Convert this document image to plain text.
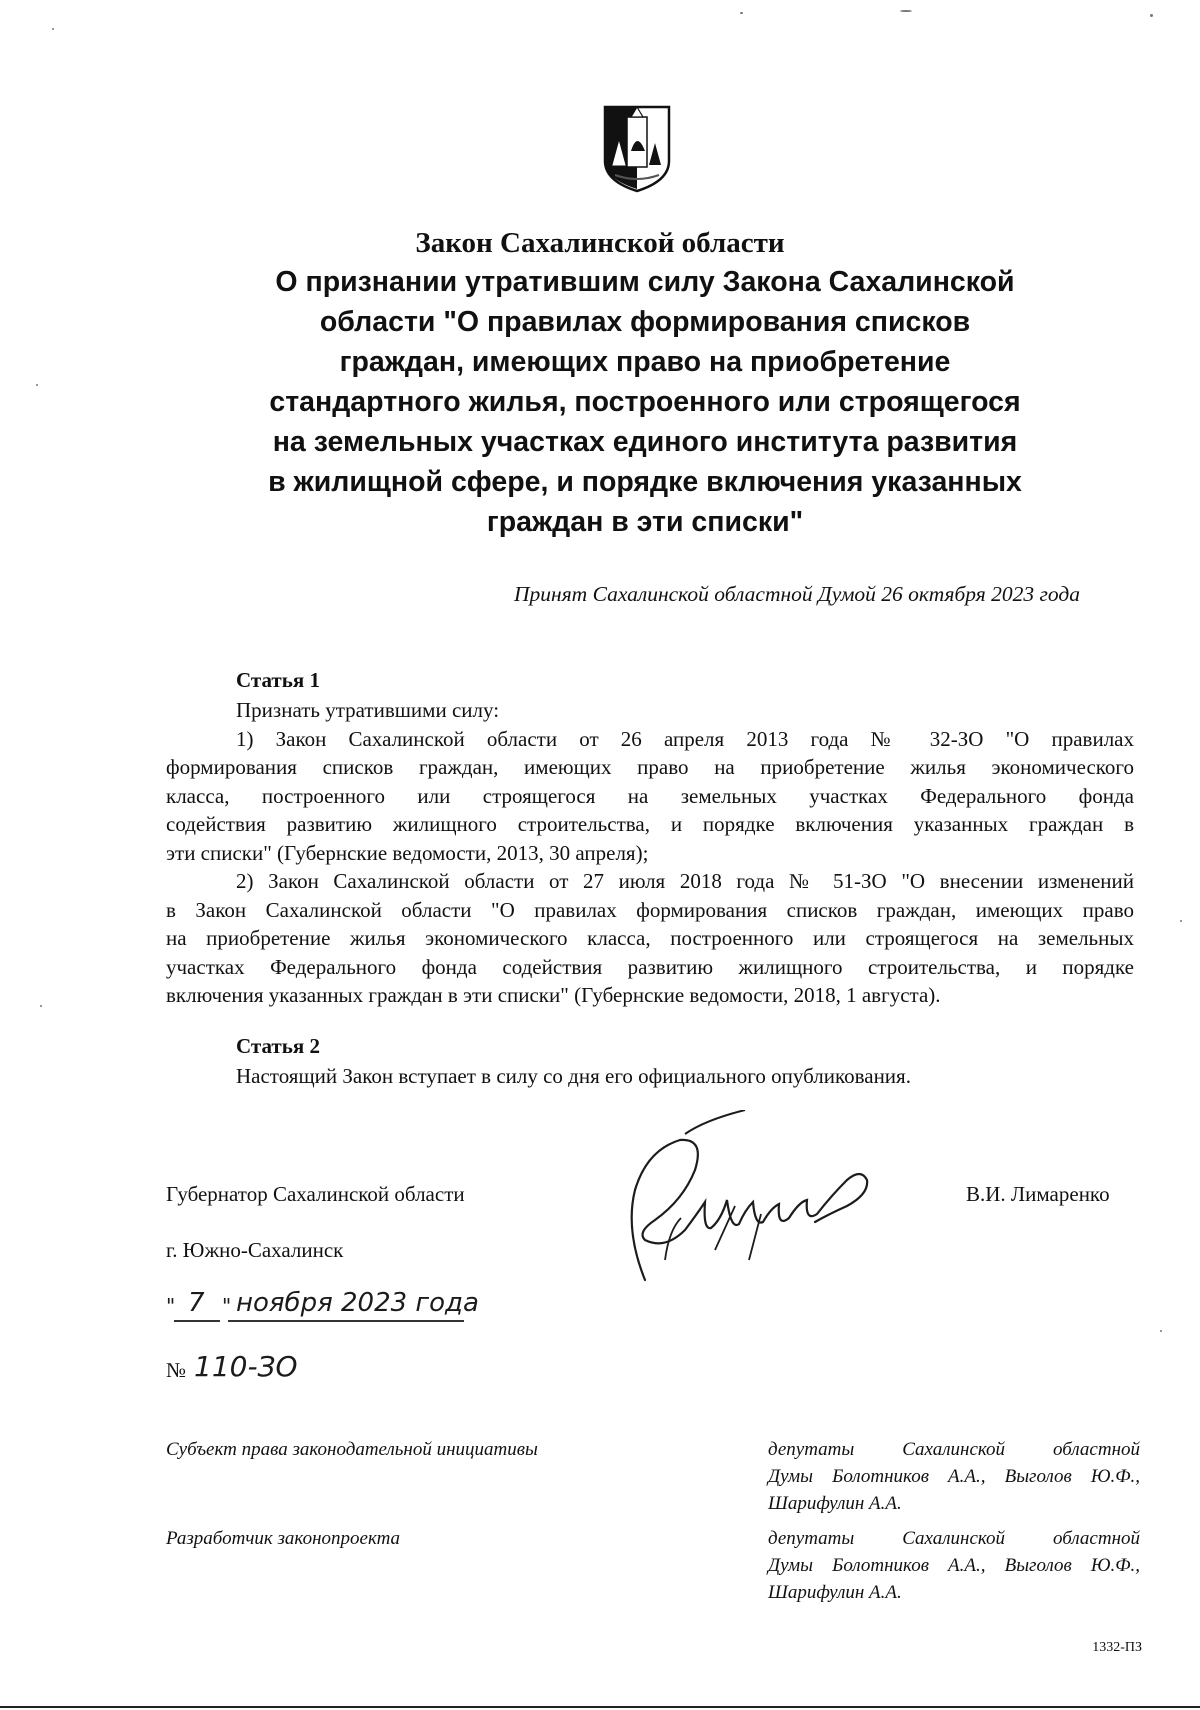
Закон Сахалинской области
О признании утратившим силу Закона Сахалинской
области "О правилах формирования списков
граждан, имеющих право на приобретение
стандартного жилья, построенного или строящегося
на земельных участках единого института развития
в жилищной сфере, и порядке включения указанных
граждан в эти списки"
Принят Сахалинской областной Думой 26 октября 2023 года
Статья 1
Признать утратившими силу:
1) Закон Сахалинской области от 26 апреля 2013 года № 32-ЗО "О правилах
формирования списков граждан, имеющих право на приобретение жилья экономического
класса, построенного или строящегося на земельных участках Федерального фонда
содействия развитию жилищного строительства, и порядке включения указанных граждан в
эти списки" (Губернские ведомости, 2013, 30 апреля);
2) Закон Сахалинской области от 27 июля 2018 года № 51-ЗО "О внесении изменений
в Закон Сахалинской области "О правилах формирования списков граждан, имеющих право
на приобретение жилья экономического класса, построенного или строящегося на земельных
участках Федерального фонда содействия развитию жилищного строительства, и порядке
включения указанных граждан в эти списки" (Губернские ведомости, 2018, 1 августа).
Статья 2
Настоящий Закон вступает в силу со дня его официального опубликования.
Губернатор Сахалинской области	В.И. Лимаренко
г. Южно-Сахалинск
" 7 " ноября 2023 года
№ 110-ЗО
Субъект права законодательной инициативы	депутаты Сахалинской областной
Думы Болотников А.А., Выголов Ю.Ф.,
Шарифулин А.А.
Разработчик законопроекта	депутаты Сахалинской областной
Думы Болотников А.А., Выголов Ю.Ф.,
Шарифулин А.А.
1332-ПЗ
